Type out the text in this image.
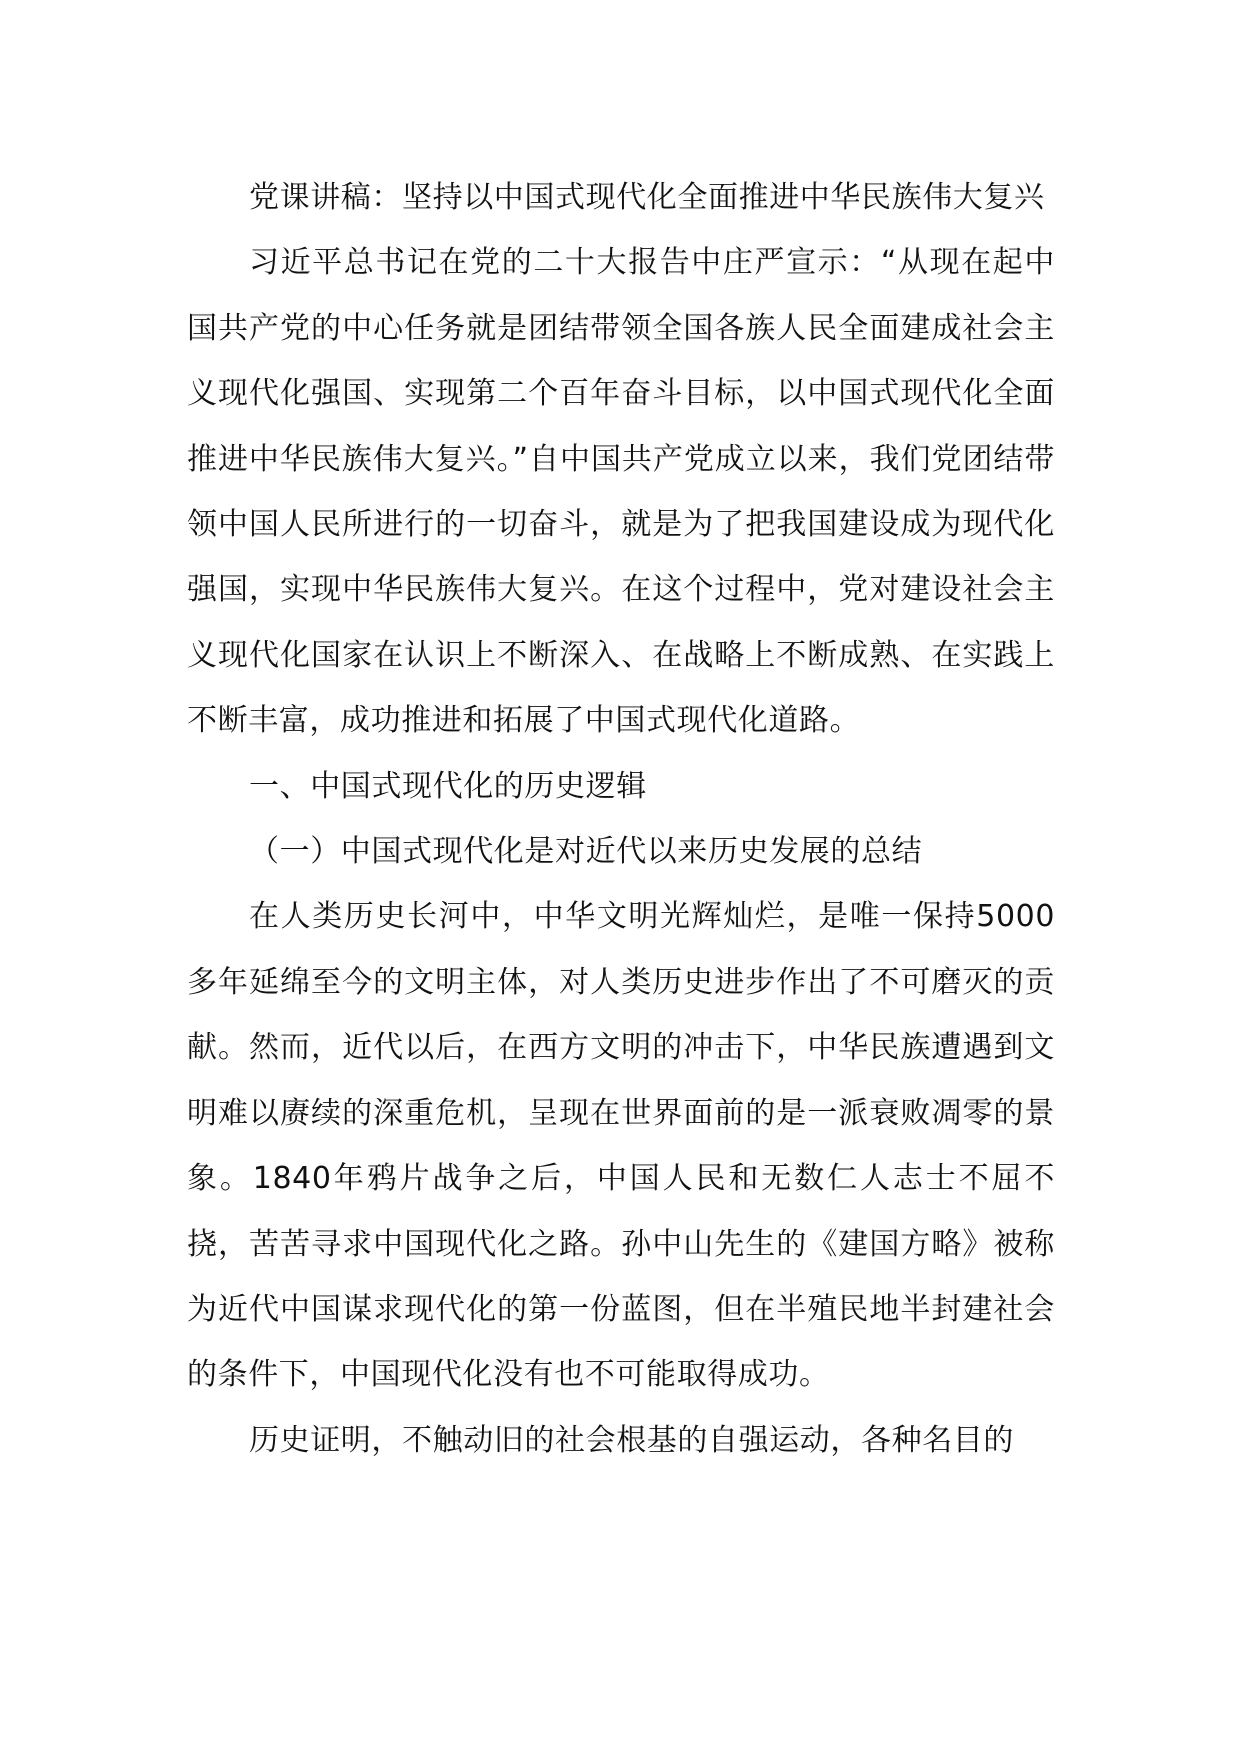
党课讲稿：坚持以中国式现代化全面推进中华民族伟大复兴

习近平总书记在党的二十大报告中庄严宣示：“从现在起中国共产党的中心任务就是团结带领全国各族人民全面建成社会主义现代化强国、实现第二个百年奋斗目标，以中国式现代化全面推进中华民族伟大复兴。”自中国共产党成立以来，我们党团结带领中国人民所进行的一切奋斗，就是为了把我国建设成为现代化强国，实现中华民族伟大复兴。在这个过程中，党对建设社会主义现代化国家在认识上不断深入、在战略上不断成熟、在实践上不断丰富，成功推进和拓展了中国式现代化道路。

一、中国式现代化的历史逻辑

（一）中国式现代化是对近代以来历史发展的总结

在人类历史长河中，中华文明光辉灿烂，是唯一保持5000多年延绵至今的文明主体，对人类历史进步作出了不可磨灭的贡献。然而，近代以后，在西方文明的冲击下，中华民族遭遇到文明难以赓续的深重危机，呈现在世界面前的是一派衰败凋零的景象。1840年鸦片战争之后，中国人民和无数仁人志士不屈不挠，苦苦寻求中国现代化之路。孙中山先生的《建国方略》被称为近代中国谋求现代化的第一份蓝图，但在半殖民地半封建社会的条件下，中国现代化没有也不可能取得成功。

历史证明，不触动旧的社会根基的自强运动，各种名目的
